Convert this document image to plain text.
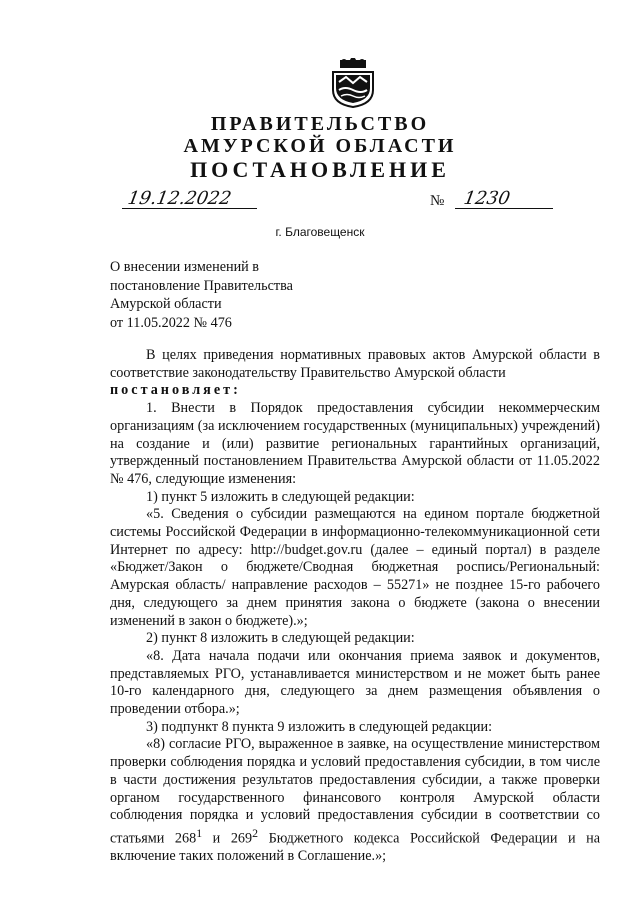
ПРАВИТЕЛЬСТВО
АМУРСКОЙ ОБЛАСТИ
ПОСТАНОВЛЕНИЕ
19.12.2022	№ 1230
г. Благовещенск
О внесении изменений в
постановление Правительства
Амурской области
от 11.05.2022 № 476

В целях приведения нормативных правовых актов Амурской области в соответствие законодательству Правительство Амурской области

постановляет:

1. Внести в Порядок предоставления субсидии некоммерческим организациям (за исключением государственных (муниципальных) учреждений) на создание и (или) развитие региональных гарантийных организаций, утвержденный постановлением Правительства Амурской области от 11.05.2022 № 476, следующие изменения:

1) пункт 5 изложить в следующей редакции:

«5. Сведения о субсидии размещаются на едином портале бюджетной системы Российской Федерации в информационно-телекоммуникационной сети Интернет по адресу: http://budget.gov.ru (далее – единый портал) в разделе «Бюджет/Закон о бюджете/Сводная бюджетная роспись/Региональный: Амурская область/ направление расходов – 55271» не позднее 15-го рабочего дня, следующего за днем принятия закона о бюджете (закона о внесении изменений в закон о бюджете).»;

2) пункт 8 изложить в следующей редакции:

«8. Дата начала подачи или окончания приема заявок и документов, представляемых РГО, устанавливается министерством и не может быть ранее 10-го календарного дня, следующего за днем размещения объявления о проведении отбора.»;

3) подпункт 8 пункта 9 изложить в следующей редакции:

«8) согласие РГО, выраженное в заявке, на осуществление министерством проверки соблюдения порядка и условий предоставления субсидии, в том числе в части достижения результатов предоставления субсидии, а также проверки органом государственного финансового контроля Амурской области соблюдения порядка и условий предоставления субсидии в соответствии со статьями $268^1$ и $269^2$ Бюджетного кодекса Российской Федерации и на включение таких положений в Соглашение.»;
